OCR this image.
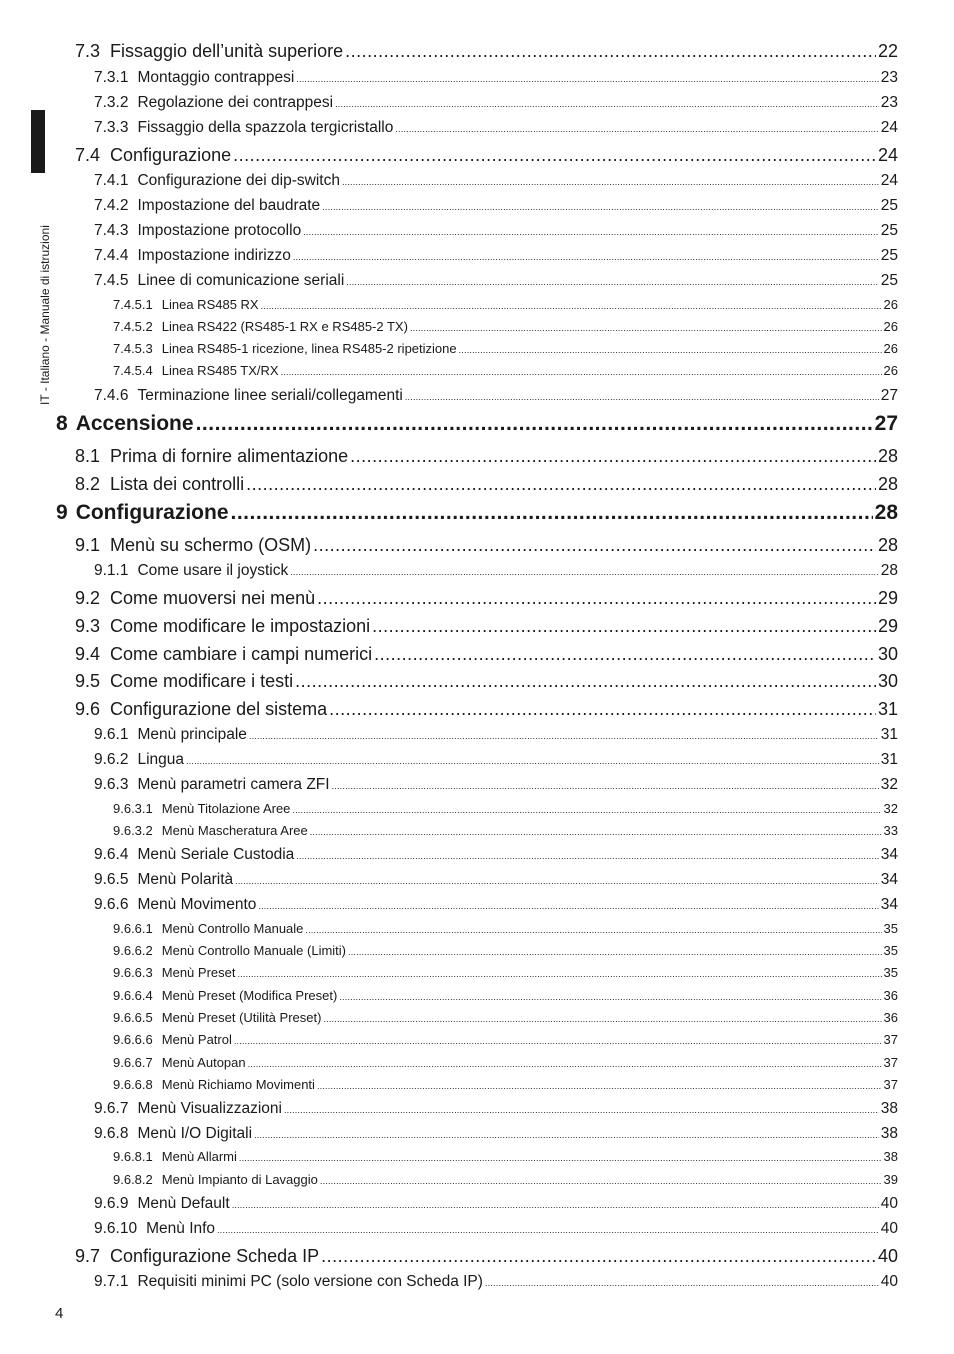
IT - Italiano - Manuale di istruzioni
7.3 Fissaggio dell’unità superiore .....	22
7.3.1 Montaggio contrappesi .....	23
7.3.2 Regolazione dei contrappesi .....	23
7.3.3 Fissaggio della spazzola tergicristallo .....	24
7.4 Configurazione .....	24
7.4.1 Configurazione dei dip-switch .....	24
7.4.2 Impostazione del baudrate .....	25
7.4.3 Impostazione protocollo .....	25
7.4.4 Impostazione indirizzo .....	25
7.4.5 Linee di comunicazione seriali .....	25
7.4.5.1 Linea RS485 RX .....	26
7.4.5.2 Linea RS422 (RS485-1 RX e RS485-2 TX) .....	26
7.4.5.3 Linea RS485-1 ricezione, linea RS485-2 ripetizione .....	26
7.4.5.4 Linea RS485 TX/RX .....	26
7.4.6 Terminazione linee seriali/collegamenti .....	27
8 Accensione .....	27
8.1 Prima di fornire alimentazione .....	28
8.2 Lista dei controlli .....	28
9 Configurazione .....	28
9.1 Menù su schermo (OSM) .....	28
9.1.1 Come usare il joystick .....	28
9.2 Come muoversi nei menù .....	29
9.3 Come modificare le impostazioni .....	29
9.4 Come cambiare i campi numerici .....	30
9.5 Come modificare i testi .....	30
9.6 Configurazione del sistema .....	31
9.6.1 Menù principale .....	31
9.6.2 Lingua .....	31
9.6.3 Menù parametri camera ZFI .....	32
9.6.3.1 Menù Titolazione Aree .....	32
9.6.3.2 Menù Mascheratura Aree .....	33
9.6.4 Menù Seriale Custodia .....	34
9.6.5 Menù Polarità .....	34
9.6.6 Menù Movimento .....	34
9.6.6.1 Menù Controllo Manuale .....	35
9.6.6.2 Menù Controllo Manuale (Limiti) .....	35
9.6.6.3 Menù Preset .....	35
9.6.6.4 Menù Preset (Modifica Preset) .....	36
9.6.6.5 Menù Preset (Utilità Preset) .....	36
9.6.6.6 Menù Patrol .....	37
9.6.6.7 Menù Autopan .....	37
9.6.6.8 Menù Richiamo Movimenti .....	37
9.6.7 Menù Visualizzazioni .....	38
9.6.8 Menù I/O Digitali .....	38
9.6.8.1 Menù Allarmi .....	38
9.6.8.2 Menù Impianto di Lavaggio .....	39
9.6.9 Menù Default .....	40
9.6.10 Menù Info .....	40
9.7 Configurazione Scheda IP .....	40
9.7.1 Requisiti minimi PC (solo versione con Scheda IP) .....	40
4
